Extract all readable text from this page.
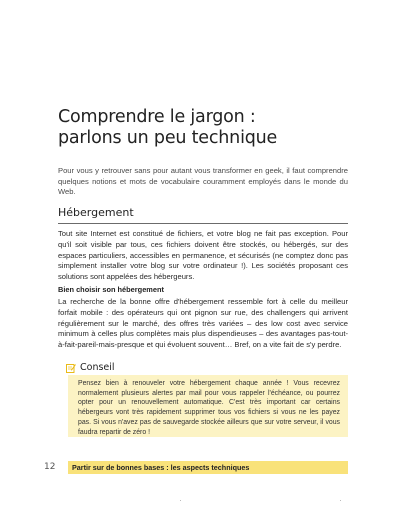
Comprendre le jargon :
parlons un peu technique
Pour vous y retrouver sans pour autant vous transformer en geek, il faut comprendre quelques notions et mots de vocabulaire couramment employés dans le monde du Web.
Hébergement
Tout site Internet est constitué de fichiers, et votre blog ne fait pas exception. Pour qu'il soit visible par tous, ces fichiers doivent être stockés, ou hébergés, sur des espaces particuliers, accessibles en permanence, et sécurisés (ne comptez donc pas simplement installer votre blog sur votre ordinateur !). Les sociétés proposant ces solutions sont appelées des hébergeurs.
Bien choisir son hébergement
La recherche de la bonne offre d'hébergement ressemble fort à celle du meilleur forfait mobile : des opérateurs qui ont pignon sur rue, des challengers qui arrivent régulièrement sur le marché, des offres très variées – des low cost avec service minimum à celles plus complètes mais plus dispendieuses – des avantages pas-tout-à-fait-pareil-mais-presque et qui évoluent souvent… Bref, on a vite fait de s'y perdre.
Conseil
Pensez bien à renouveler votre hébergement chaque année ! Vous recevrez normalement plusieurs alertes par mail pour vous rappeler l'échéance, ou pourrez opter pour un renouvellement automatique. C'est très important car certains hébergeurs vont très rapidement supprimer tous vos fichiers si vous ne les payez pas. Si vous n'avez pas de sauvegarde stockée ailleurs que sur votre serveur, il vous faudra repartir de zéro !
12 Partir sur de bonnes bases : les aspects techniques
